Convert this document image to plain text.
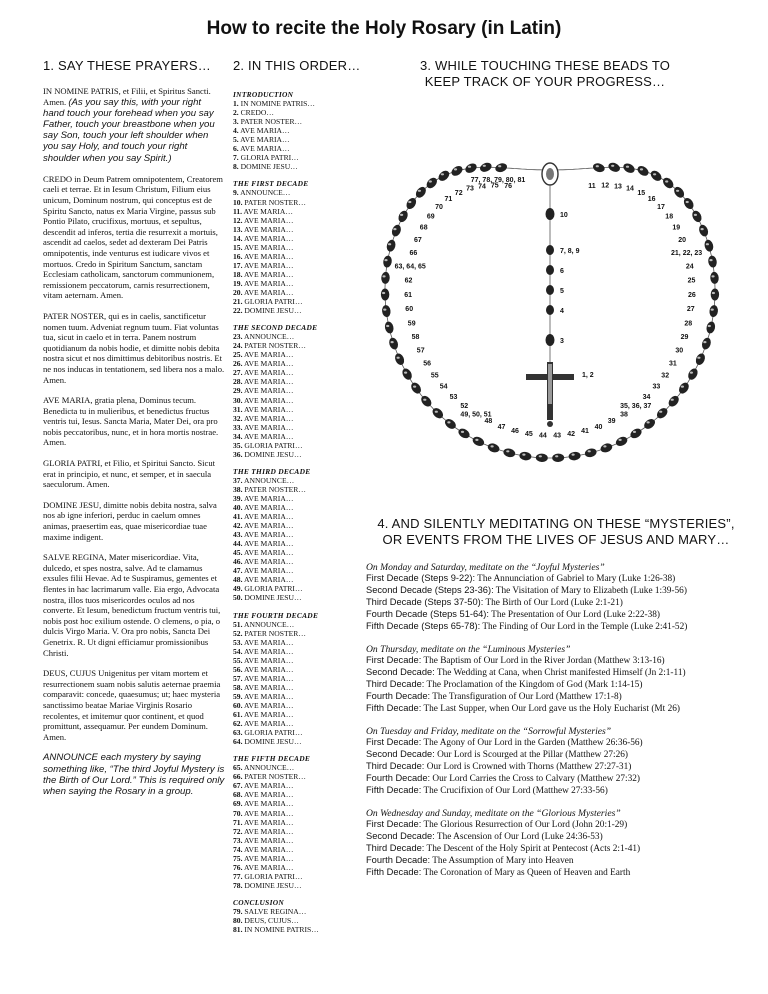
How to recite the Holy Rosary (in Latin)
1. SAY THESE PRAYERS… 2. IN THIS ORDER…	3. WHILE TOUCHING THESE BEADS TO
KEEP TRACK OF YOUR PROGRESS…
4. AND SILENTLY MEDITATING ON THESE “MYSTERIES”,
OR EVENTS FROM THE LIVES OF JESUS AND MARY…

IN NOMINE PATRIS, et Filii, et Spiritus Sancti. Amen. (As you say this, with your right hand touch your forehead when you say Father, touch your breastbone when you say Son, touch your left shoulder when you say Holy, and touch your right shoulder when you say Spirit.)

CREDO in Deum Patrem omnipotentem, Creatorem caeli et terrae. Et in Iesum Christum, Filium eius unicum, Dominum nostrum, qui conceptus est de Spiritu Sancto, natus ex Maria Virgine, passus sub Pontio Pilato, crucifixus, mortuus, et sepultus, descendit ad inferos, tertia die resurrexit a mortuis, ascendit ad caelos, sedet ad dexteram Dei Patris omnipotentis, inde venturus est iudicare vivos et mortuos. Credo in Spiritum Sanctum, sanctam Ecclesiam catholicam, sanctorum communionem, remissionem peccatorum, carnis resurrectionem, vitam aeternam. Amen.

PATER NOSTER, qui es in caelis, sanctificetur nomen tuum. Adveniat regnum tuum. Fiat voluntas tua, sicut in caelo et in terra. Panem nostrum quotidianum da nobis hodie, et dimitte nobis debita nostra sicut et nos dimittimus debitoribus nostris. Et ne nos inducas in tentationem, sed libera nos a malo. Amen.

AVE MARIA, gratia plena, Dominus tecum. Benedicta tu in mulieribus, et benedictus fructus ventris tui, Iesus. Sancta Maria, Mater Dei, ora pro nobis peccatoribus, nunc, et in hora mortis nostrae. Amen.

GLORIA PATRI, et Filio, et Spiritui Sancto. Sicut erat in principio, et nunc, et semper, et in saecula saeculorum. Amen.

DOMINE JESU, dimitte nobis debita nostra, salva nos ab igne inferiori, perduc in caelum omnes animas, praesertim eas, quae misericordiae tuae maxime indigent.

SALVE REGINA, Mater misericordiae. Vita, dulcedo, et spes nostra, salve. Ad te clamamus exsules filii Hevae. Ad te Suspiramus, gementes et flentes in hac lacrimarum valle. Eia ergo, Advocata nostra, illos tuos misericordes oculos ad nos converte. Et Iesum, benedictum fructum ventris tui, nobis post hoc exilium ostende. O clemens, o pia, o dulcis Virgo Maria. V. Ora pro nobis, Sancta Dei Genetrix. R. Ut digni efficiamur promissionibus Christi.

DEUS, CUJUS Unigenitus per vitam mortem et resurrectionem suam nobis salutis aeternae praemia comparavit: concede, quaesumus; ut; haec mysteria sanctissimo beatae Mariae Virginis Rosario recolentes, et imitemur quor continent, et quod promittunt, assequamur. Per eundem Dominum. Amen.

ANNOUNCE each mystery by saying something like, “The third Joyful Mystery is the Birth of Our Lord.” This is required only when saying the Rosary in a group.

INTRODUCTION
1. IN NOMINE PATRIS…
2. CREDO…
3. PATER NOSTER…
4. AVE MARIA…
5. AVE MARIA…
6. AVE MARIA…
7. GLORIA PATRI…
8. DOMINE JESU…
THE FIRST DECADE
9. ANNOUNCE…
10. PATER NOSTER…
11. AVE MARIA…
12. AVE MARIA…
13. AVE MARIA…
14. AVE MARIA…
15. AVE MARIA…
16. AVE MARIA…
17. AVE MARIA…
18. AVE MARIA…
19. AVE MARIA…
20. AVE MARIA…
21. GLORIA PATRI…
22. DOMINE JESU…
THE SECOND DECADE
23. ANNOUNCE…
24. PATER NOSTER…
25. AVE MARIA…
26. AVE MARIA…
27. AVE MARIA…
28. AVE MARIA…
29. AVE MARIA…
30. AVE MARIA…
31. AVE MARIA…
32. AVE MARIA…
33. AVE MARIA…
34. AVE MARIA…
35. GLORIA PATRI…
36. DOMINE JESU…
THE THIRD DECADE
37. ANNOUNCE…
38. PATER NOSTER…
39. AVE MARIA…
40. AVE MARIA…
41. AVE MARIA…
42. AVE MARIA…
43. AVE MARIA…
44. AVE MARIA…
45. AVE MARIA…
46. AVE MARIA…
47. AVE MARIA…
48. AVE MARIA…
49. GLORIA PATRI…
50. DOMINE JESU…
THE FOURTH DECADE
51. ANNOUNCE…
52. PATER NOSTER…
53. AVE MARIA…
54. AVE MARIA…
55. AVE MARIA…
56. AVE MARIA…
57. AVE MARIA…
58. AVE MARIA…
59. AVE MARIA…
60. AVE MARIA…
61. AVE MARIA…
62. AVE MARIA…
63. GLORIA PATRI…
64. DOMINE JESU…
THE FIFTH DECADE
65. ANNOUNCE…
66. PATER NOSTER…
67. AVE MARIA…
68. AVE MARIA…
69. AVE MARIA…
70. AVE MARIA…
71. AVE MARIA…
72. AVE MARIA…
73. AVE MARIA…
74. AVE MARIA…
75. AVE MARIA…
76. AVE MARIA…
77. GLORIA PATRI…
78. DOMINE JESU…
CONCLUSION
79. SALVE REGINA…
80. DEUS, CUJUS…
81. IN NOMINE PATRIS…
11 12 13 14
15
16
17
18
19
20
21, 22, 23
24
25
26
27
28
29
30
31
32
33
34
35, 36, 37
38
39
40
41
42
43
44
45
46
47
48
49, 50, 51
52
53
54
55
56
57
58
59
60
61
62
63, 64, 65
66
67
68
69
70
71
72
73 74 75 76
77, 78, 79, 80, 81
10
7, 8, 9
6
5
4
3
1, 2
On Monday and Saturday, meditate on the “Joyful Mysteries”
First Decade (Steps 9-22): The Annunciation of Gabriel to Mary (Luke 1:26-38)
Second Decade (Steps 23-36): The Visitation of Mary to Elizabeth (Luke 1:39-56)
Third Decade (Steps 37-50): The Birth of Our Lord (Luke 2:1-21)
Fourth Decade (Steps 51-64): The Presentation of Our Lord (Luke 2:22-38)
Fifth Decade (Steps 65-78): The Finding of Our Lord in the Temple (Luke 2:41-52)
On Thursday, meditate on the “Luminous Mysteries”
First Decade: The Baptism of Our Lord in the River Jordan (Matthew 3:13-16)
Second Decade: The Wedding at Cana, when Christ manifested Himself (Jn 2:1-11)
Third Decade: The Proclamation of the Kingdom of God (Mark 1:14-15)
Fourth Decade: The Transfiguration of Our Lord (Matthew 17:1-8)
Fifth Decade: The Last Supper, when Our Lord gave us the Holy Eucharist (Mt 26)
On Tuesday and Friday, meditate on the “Sorrowful Mysteries”
First Decade: The Agony of Our Lord in the Garden (Matthew 26:36-56)
Second Decade: Our Lord is Scourged at the Pillar (Matthew 27:26)
Third Decade: Our Lord is Crowned with Thorns (Matthew 27:27-31)
Fourth Decade: Our Lord Carries the Cross to Calvary (Matthew 27:32)
Fifth Decade: The Crucifixion of Our Lord (Matthew 27:33-56)
On Wednesday and Sunday, meditate on the “Glorious Mysteries”
First Decade: The Glorious Resurrection of Our Lord (John 20:1-29)
Second Decade: The Ascension of Our Lord (Luke 24:36-53)
Third Decade: The Descent of the Holy Spirit at Pentecost (Acts 2:1-41)
Fourth Decade: The Assumption of Mary into Heaven
Fifth Decade: The Coronation of Mary as Queen of Heaven and Earth
